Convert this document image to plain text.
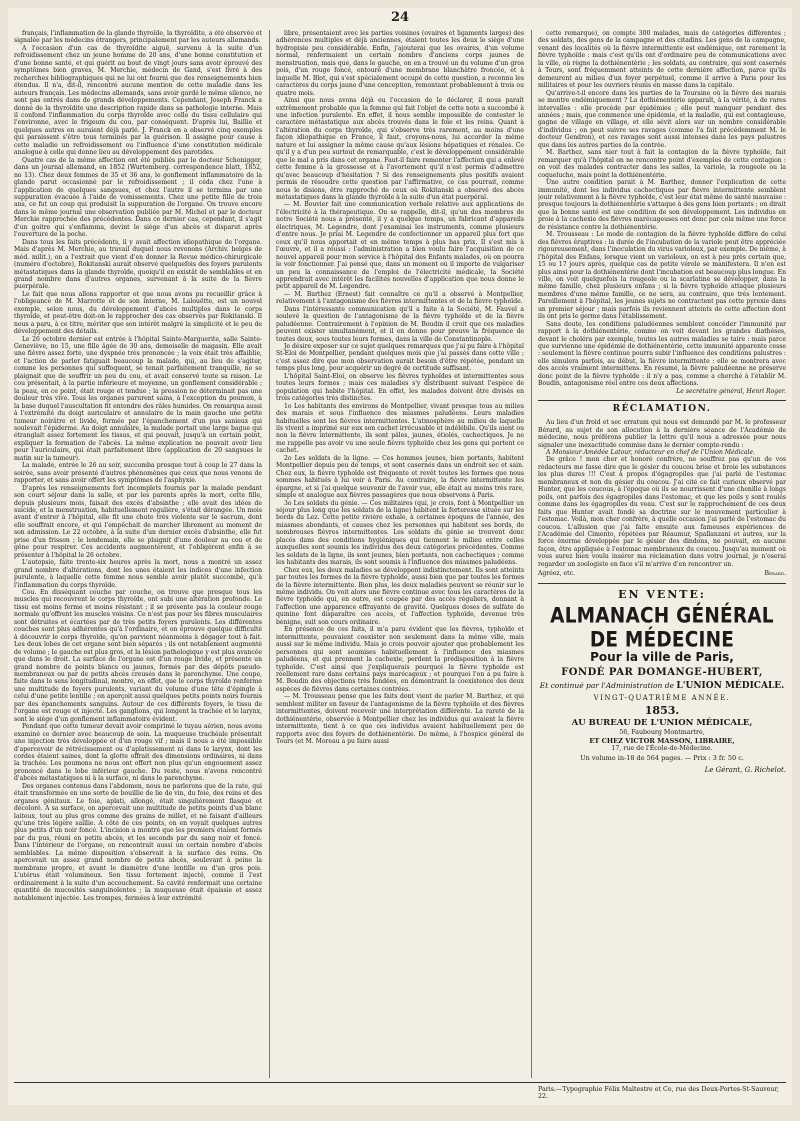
24

français, l'inflammation de la glande thyroïde, la thyroïdite, a été observée et signalée par les médecins étrangers, principalement par les auteurs allemands.

A l'occasion d'un cas de thyroïdite aiguë, survenu à la suite d'un refroidissement chez un jeune homme de 20 ans, d'une bonne constitution et d'une bonne santé, et qui guérit au bout de vingt jours sans avoir éprouvé des symptômes bien graves, M. Merchie, médecin de Gand, s'est livré à des recherches bibliographiques qui ne lui ont fourni que des renseignements bien étendus. Il n'a, dit-il, rencontré aucune mention de cette maladie dans les auteurs français. Les médecins allemands, sans avoir gardé le même silence, ne sont pas entrés dans de grands développements. Cependant, Joseph Franck a donné de la thyroïdite une description rapide dans sa pathologie interne. Mais il confond l'inflammation du corps thyroïde avec celle du tissu cellulaire qui l'environne, avec le frigeum du cou, par conséquent. D'après lui, Baillie et quelques autres en auraient déjà parlé. J. Franck en a observé cinq exemples qui paraissent s'être tous terminés par la guérison. Il assigne pour cause à cette maladie un refroidissement ou l'influence d'une constitution médicale analogue à celle qui donne lieu au développement des parotides.

Quatre cas de la même affection ont été publiés par le docteur Schonigger, dans un journal allemand, en 1852 (Wurtemberg. correspondence blatt, 1852, no 13). Chez deux femmes de 35 et 36 ans, le gonflement inflammatoire de la glande parut occasionné par le refroidissement ; il céda chez l'une à l'application de quelques sangsues, et chez l'autre il se termina par une suppuration évacuée à l'aide de vomissements. Chez une petite fille de trois ans, ce fut un coup qui produisit la suppuration de l'organe. On trouve encore dans le même journal une observation publiée par M. Michel et par le docteur Merchie rapprochée des précédentes. Dans ce dernier cas, cependant, il s'agit d'un goitre qui s'enflamma, devint le siège d'un abcès et disparut après l'ouverture de la poche.

Dans tous les faits précédents, il y avait affection idiopathique de l'organe. Mais d'après M. Merchie, au travail duquel nous revenons (Archiv. belges de méd. milit.), on a l'extrait que vient d'en donner la Revue médico-chirurgicale (numéro d'octobre), Rokitanski aurait observé quelquefois des foyers purulents métastatiques dans la glande thyroïde, quoiqu'il en existât de semblables et en grand nombre dans d'autres organes, survenant à la suite de la fièvre puerpérale.

Le fait que nous allons rapporter et que nous avons pu recueillir grâce à l'obligeance de M. Marrotte et de son interne, M. Lalouëtte, est un nouvel exemple, selon nous, du développement d'abcès multiples dans le corps thyroïde, et peut-être doit-on le rapprocher des cas observés par Rokitanski. Il nous a paru, à ce titre, mériter que son intérêt malgré la simplicité et le peu de développement des détails.

Le 26 octobre dernier est entrée à l'hôpital Sainte-Marguerite, salle Sainte-Geneviève, no 15, une fille âgée de 30 ans, demoiselle de magasin. Elle avait une fièvre assez forte, une dyspnée très prononcée ; la voix était très affaiblie, et l'action de parler fatiguait beaucoup la malade, qui, au lieu de s'agiter, comme les personnes qui suffoquent, se tenait parfaitement tranquille, ne se plaignait que de souffrir un peu du cou, et avait conservé toute sa raison. Le cou présentait, à la partie inférieure et moyenne, un gonflement considérable ; la peau, en ce point, était rouge et tendue ; la pression ne déterminait pas une douleur très vive. Tous les organes parurent sains, à l'exception du poumon, à la base duquel l'auscultation fit entendre des râles humides. On remarqua aussi à l'extrémité du doigt auriculaire et annulaire de la main gauche une petite tumeur noirâtre et livide, formée par l'épanchement d'un pus sanieux qui soulevait l'épiderme. Au doigt annulaire, la malade portait une large bague qui étranglait assez fortement les tissus, et qui pouvait, jusqu'à un certain point, expliquer la formation de l'abcès. La même explication ne pouvait avoir lieu pour l'auriculaire, qui était parfaitement libre (application de 20 sangsues le matin sur la tumeur).

La malade, entrée le 26 au soir, succomba presque tout à coup le 27 dans la soirée, sans avoir présenté d'autres phénomènes que ceux que nous venons de rapporter, et sans avoir offert les symptômes de l'asphyxie.

D'après les renseignements fort incomplets fournis par la malade pendant son court séjour dans la salle, et par les parents après la mort, cette fille, depuis plusieurs mois, faisait des excès d'absinthe ; elle avait des idées de suicide, et la menstruation, habituellement régulière, s'était dérangée. Un mois avant d'entrer à l'hôpital, elle fit une chute très violente sur le sacrum, dont elle souffrait encore, et qui l'empêchait de marcher librement au moment de son admission. Le 22 octobre, à la suite d'un dernier excès d'absinthe, elle fut prise d'un frisson ; le lendemain, elle se plaignit d'une douleur au cou et de gêne pour respirer. Ces accidents augmentèrent, et l'obligèrent enfin à se présenter à l'hôpital le 26 octobre.

L'autopsie, faite trente-six heures après la mort, nous a montré un assez grand nombre d'altérations, dont les unes étaient les indices d'une infection purulente, à laquelle cette femme nous semble avoir plutôt succombé, qu'à l'inflammation du corps thyroïde.

Cou. En disséquant couche par couche, on trouve que presque tous les muscles qui recouvrent le corps thyroïde, ont subi une altération profonde. Le tissu est moins ferme et moins résistant ; il se présente pas la couleur rouge normale qu'offrent les muscles voisins. Ce n'est pas pour les fibres musculaires sont détruites et écartées par de très petits foyers purulents. Les différentes couches sont plus adhérentes qu'à l'ordinaire, et on éprouve quelque difficulté à découvrir le corps thyroïde, qu'on parvient néanmoins à dégager tout à fait. Les deux lobes de cet organe sont bien séparés ; ils ont notablement augmenté de volume ; le gauche est plus gros, et la lésion pathologique y est plus avancée que dans le droit. La surface de l'organe est d'un rouge livide, et présente un grand nombre de points blancs ou jaunes, formés par des dépôts pseudo-membraneux ou par de petits abcès creusés dans le parenchyme. Une coupe, faite dans le sens longitudinal, montre, en effet, que le corps thyroïde renferme une multitude de foyers purulents, variant du volume d'une tête d'épingle à celui d'une petite lentille ; on aperçoit aussi quelques petits points noirs fournis par des épanchements sanguins. Autour de ces différents foyers, le tissu de l'organe est rouge et injecté. Les ganglions, qui longent la trachée et le larynx, sont le siège d'un gonflement inflammatoire évident.

Pendant que cette tumeur devait avoir comprimé le tuyau aérien, nous avons examiné ce dernier avec beaucoup de soin. La muqueuse trachéale présentait une injection très développée et d'un rouge vif ; mais il nous a été impossible d'apercevoir de rétrécissement ou d'aplatissement ni dans le larynx, dont les cordes étaient saines, dont la glotte offrait des dimensions ordinaires, ni dans la trachée. Les poumons ne nous ont offert non plus qu'un engouement assez prononcé dans le lobe inférieur gauche. Du reste, nous n'avons rencontré d'abcès métastatiques ni à la surface, ni dans le parenchyme.

Des organes contenus dans l'abdomen, nous ne parlerons que de la rate, qui était transformée en une sorte de bouillie de lie de vin, du foie, des reins et des organes génitaux. Le foie, aplati, allongé, était singulièrement flasque et décoloré. A sa surface, on apercevait une multitude de petits points d'un blanc laiteux, tout au plus gros comme des grains de millet, et ne faisant d'ailleurs qu'une très légère saillie. A côté de ces points, on en voyait quelques autres plus petits d'un noir foncé. L'incision a montré que les premiers étaient formés par du pus, réuni en petits abcès, et les seconds par du sang noir et foncé. Dans l'intérieur de l'organe, on rencontrait aussi un certain nombre d'abcès semblables. La même disposition s'observait à la surface des reins. On apercevait un assez grand nombre de petits abcès, soulevant à peine la membrane propre, et avant le diamètre d'une lentille ou d'un gros pois. L'utérus était volumineux. Son tissu fortement injecté, comme il l'est ordinairement à la suite d'un accouchement. Sa cavité renfermait une certaine quantité de mucosités sanguinolentes ; la muqueuse était épaissie et assez notablement injectée. Les trompes, fermées à leur extrémité

libre, présentaient avec les parties voisines (ovaires et ligaments larges) des adhérences multiples et déjà anciennes, étaient toutes les deux le siège d'une hydropisie peu considérable. Enfin, j'ajouterai que les ovaires, d'un volume normal, renfermaient un certain nombre d'anciens corps jaunes de menstruation, mais que, dans le gauche, on en a trouvé un du volume d'un gros pois, d'un rouge foncé, entouré d'une membrane blanchâtre froncée, et à laquelle M. Blot, qui s'est spécialement occupé de cette question, a reconnu les caractères du corps jaune d'une conception, remontant probablement à trois ou quatre mois.

Ainsi que nous avons déjà eu l'occasion de le déclarer, il nous paraît extrêmement probable que la femme qui fait l'objet de cette note a succombé à une infection purulente. En effet, il nous semble impossible de contester le caractère métastatique aux abcès trouvés dans le foie et les reins. Quant à l'altération du corps thyroïde, qui s'observe très rarement, au moins d'une façon idiopathique en France, il faut, croyons-nous, lui accorder la même nature et lui assigner la même cause qu'aux lésions hépatiques et rénales. Ce qu'il y a d'un peu surtout de remarquable, c'est le développement considérable que le mal a pris dans cet organe. Faut-il faire remonter l'affection qui a enlevé cette femme à la grossesse et à l'avortement qu'il n'est permis d'admettre qu'avec beaucoup d'hésitation ? Si des renseignements plus positifs avaient permis de résoudre cette question par l'affirmative, ce cas pourrait, comme nous le disions, être rapproché de ceux où Rokitanski a observé des abcès métastatiques dans la glande thyroïde à la suite d'un état puerpéral.

— M. Bouvier fait une communication verbale relative aux applications de l'électricité à la thérapeutique. On se rappelle, dit-il, qu'un des membres de notre Société nous a présenté, il y a quelque temps, un fabricant d'appareils électriques, M. Legendre, dont j'examinai les instruments, comme plusieurs d'entre nous. Je priai M. Legendre de confectionner un appareil plus fort que ceux qu'il nous apportait et en même temps à plus bas prix. Il s'est mis à l'œuvre, et il a réussi : l'administration a bien voulu faire l'acquisition de ce nouvel appareil pour mon service à l'hôpital des Enfants malades, où on pourra le voir fonctionner. J'ai pensé que, dans un moment où il importe de vulgariser un peu la connaissance de l'emploi de l'électricité médicale, la Société apprendrait avec intérêt les facilités nouvelles d'application que nous donne le petit appareil de M. Legendre.

— M. Barthez (Ernest) fait connaître ce qu'il a observé à Montpellier, relativement à l'antagonisme des fièvres intermittentes et de la fièvre typhoïde.

Dans l'intéressante communication qu'il a faite à la Société, M. Fauvel a soulevé la question de l'antagonisme de la fièvre typhoïde et de la fièvre paludéenne. Contrairement à l'opinion de M. Boudin il croit que ces maladies peuvent exister simultanément, et il en donne pour preuve la fréquence de toutes deux, sous toutes leurs formes, dans la ville de Constantinople.

Je désire exposer sur ce sujet quelques remarques que j'ai pu faire à l'hôpital St-Eloi de Montpellier, pendant quelques mois que j'ai passés dans cette ville ; c'est assez dire que mon observation aurait besoin d'être répétée, pendant un temps plus long, pour acquérir un degré de certitude suffisant.

L'hôpital Saint-Eloi, on observe les fièvres typhoïdes et intermittentes sous toutes leurs formes ; mais ces maladies s'y distribuent suivant l'espèce de population qui habite l'hôpital. En effet, les malades doivent être divisés en trois catégories très distinctes.

1o Les habitants des environs de Montpellier, vivant presque tous au milieu des marais et sous l'influence des miasmes paludéens. Leurs maladies habituelles sont les fièvres intermittentes. L'atmosphère au milieu de laquelle ils vivent a imprimé sur eux son cachet irrécusable et indélébile. Qu'ils aient ou non la fièvre intermittente, ils sont pâles, jaunes, étiolés, cachectiques. Je ne me rappelle pas avoir vu une seule fièvre typhoïde chez les gens qui portent ce cachet.

2o Les soldats de la ligne. — Ces hommes jeunes, bien portants, habitent Montpellier depuis peu de temps, et sont casernés dans un endroit sec et sain. Chez eux, la fièvre typhoïde est fréquente et revêt toutes les formes que nous sommes habitués à lui voir à Paris. Au contraire, la fièvre intermittente les épargne, et si j'ai quelque souvenir de l'avoir vue, elle était au moins très rare, simple et analogue aux fièvres passagères que nous observons à Paris.

3o Les soldats du génie. — Ces militaires (qui, je crois, font à Montpellier un séjour plus long que les soldats de la ligne) habitent la forteresse située sur les bords du Lez. Cette petite rivière exhale, à certaines époques de l'année, des miasmes abondants, et causes chez les personnes qui habitent ses bords, de nombreuses fièvres intermittentes. Les soldats du génie se trouvent donc placés dans des conditions hygiéniques qui tiennent le milieu entre celles auxquelles sont soumis les individus des deux catégories précédentes. Comme les soldats de la ligne, ils sont jeunes, bien portants, non cachectiques ; comme les habitants des marais, ils sont soumis à l'influence des miasmes paludéens.

Chez eux, les deux maladies se développent indistinctement. Ils sont atteints par toutes les formes de la fièvre typhoïde, aussi bien que par toutes les formes de la fièvre intermittente. Bien plus, les deux maladies peuvent se réunir sur le même individu. On voit alors une fièvre continue avec tous les caractères de la fièvre typhoïde qui, en outre, est coupée par des accès réguliers, donnant à l'affection une apparence effrayante de gravité. Quelques doses de sulfate de quinine font disparaître ces accès, et l'affection typhoïde, devenue très bénigne, suit son cours ordinaire.

En présence de ces faits, il m'a paru évident que les fièvres, typhoïde et intermittente, pouvaient coexister non seulement dans la même ville, mais aussi sur le même individu. Mais je crois pouvoir ajouter que probablement les personnes qui sont soumises habituellement à l'influence des miasmes paludéens, et qui prennent la cachexie, perdent la prédisposition à la fièvre typhoïde. C'est ainsi que j'expliquerais pourquoi la fièvre typhoïde est réellement rare dans certains pays marécageux ; et pourquoi l'on a pu faire à M. Boudin des objections très fondées, en démontrant la coexistence des deux espèces de fièvres dans certaines contrées.

— M. Trousseau pense que les faits dont vient de parler M. Barthez, et qui semblent militer en faveur de l'antagonisme de la fièvre typhoïde et des fièvres intermittentes, doivent recevoir une interprétation différente. La rareté de la dothiénentérie, observée à Montpellier chez les individus qui avaient la fièvre intermittente, tient à ce que ces individus avaient habituellement peu de rapports avec des foyers de dothiénentérie. De même, à l'hospice général de Tours (et M. Moreau a pu faire aussi

cette remarque), on compte 300 malades, mais de catégories différentes ; des soldats, des gens de la campagne et des citadins. Les gens de la campagne, venant des localités où la fièvre intermittente est endémique, ont rarement la fièvre typhoïde : mais c'est qu'ils ont d'ordinaire peu de communications avec la ville, où règne la dothiénentérie ; les soldats, au contraire, qui sont casernés à Tours, sont fréquemment atteints de cette dernière affection, parce qu'ils demeurent au milieu d'un foyer perpétuel, comme il arrive à Paris pour les militaires et pour les ouvriers réunis en masse dans la capitale.

Qu'arrive-t-il encore dans les parties de la Touraine où la fièvre des marais se montre endémiquement ? La dothiénentérie apparaît, à la vérité, à de rares intervalles : elle procède par épidémies ; elle peut manquer pendant des années ; mais, que commence une épidémie, et la maladie, qui est contagieuse, gagne de village en village, et elle sévit alors sur un nombre considérable d'individus ; on peut suivre ses ravages (comme l'a fait précédemment M. le docteur Gendron), et ces ravages sont aussi intenses dans les pays palustres que dans les autres parties de la contrée.

M. Barthez, sans nier tout à fait la contagion de la fièvre typhoïde, fait remarquer qu'à l'hôpital on ne rencontre point d'exemples de cette contagion : on voit des malades contracter dans les salles, la variole, la rougeole ou la coqueluche, mais point la dothiénentérie.

Une autre condition parait à M. Barthez, donner l'explication de cette immunité, dont les individus cachectiques par fièvre intermittente semblent jouir relativement à la fièvre typhoïde, c'est leur état même de santé mauvaise : presque toujours la dothiénentérie s'attaque à des gens bien portants ; on dirait que la bonne santé est une condition de son développement. Les individus en proie à la cachexie des fièvres marécageuses ont donc par cela même une force de résistance contre la dothiénentérie.

M. Trousseau : Le mode de contagion de la fièvre typhoïde diffère de celui des fièvres éruptives : la durée de l'incubation de la variole peut être appréciée rigoureusement, dans l'inoculation du virus varioleux, par exemple. De même, à l'hôpital des Enfans, lorsque vient un varioleux, on est à peu près certain que, 15 ou 17 jours après, quelque cas de petite vérole se manifestera. Il n'en est plus ainsi pour la dothiénentérie dont l'incubation est beaucoup plus longue. En ville, on voit quelquefois la rougeole ou la scarlatine se développer, dans la même famille, chez plusieurs enfans ; si la fièvre typhoïde attaque plusieurs membres d'une même famille, ce ne sera, au contraire, que très lentement. Pareillement à l'hôpital, les jeunes sujets ne contractent pas cette pyrexie dans un premier séjour ; mais parfois ils reviennent atteints de cette affection dont ils ont pris le germe dans l'établissement.

Sans doute, les conditions paludéennes semblent concéder l'immunité par rapport à la dothiénentérie, comme on voit devant les grandes diathèses, devant le choléra par exemple, toutes les autres maladies se taire : mais parce que survienne une épidémie de dothiénentérie, cette immunité apparente cesse : seulement la fièvre continue pourra subir l'influence des conditions palustres : elle simulera parfois, au début, la fièvre intermittente : elle se montrera avec des accès vraiment intermittens. En résumé, la fièvre paludéenne ne préserve donc point de la fièvre typhoïde : il n'y a pas, comme a cherché à l'établir M. Boudin, antagonisme réel entre ces deux affections.

Le secrétaire général, Henri Roger.

RÉCLAMATION.

Au lieu d'un froid et sec erratum qui nous est demandé par M. le professeur Bérard, au sujet de son allocution à la dernière séance de l'Académie de médecine, nous préférons publier la lettre qu'il nous a adressée pour nous signaler une inexactitude commise dans le dernier compte-rendu :

A Monsieur Amédée Latour, rédacteur en chef de l'Union Médicale.

De grâce ! mon cher et honoré confrère, ne souffrez pas qu'un de vos rédacteurs me fasse dire que le gésier du coucou brise et broie les substances les plus dures !!! C'est à propos d'égagropiles que j'ai parlé de l'estomac membraneux et non du gésier du coucou. J'ai cité ce fait curieux observé par Hunter, que les coucous, à l'époque où ils se nourrissent d'une chenille à longs poils, ont parfois des égagropiles dans l'estomac, et que les poils y sont roulés comme dans les égagropiles du veau. C'est sur le rapprochement de ces deux faits que Hunter avait fondé sa doctrine sur le mouvement particulier à l'estomac. Voilà, mon cher confrère, à quelle occasion j'ai parlé de l'estomac du coucou. L'allusion que j'ai faite ensuite aux fameuses expériences de l'Académie del Cimento, répétées par Réaumur, Spallanzani et autres, sur la force énorme développée par le gésier des dindons, ne pouvait, en aucune façon, être appliquée à l'estomac membraneux du coucou. Jusqu'au moment où vous aurez bien voulu insérer ma réclamation dans votre journal, je n'oserai regarder un zoologiste en face s'il m'arrive d'en rencontrer un.

Agréez, etc.	Bérard.
EN VENTE:
ALMANACH GÉNÉRAL DE MÉDECINE
Pour la ville de Paris,
FONDÉ PAR DOMANGE-HUBERT,
Et continué par l'Administration de L'UNION MÉDICALE.
VINGT-QUATRIÈME ANNÉE.
1853.
AU BUREAU DE L'UNION MÉDICALE,
56, Faubourg Montmartre,
ET CHEZ VICTOR MASSON, LIBRAIRE,
17, rue de l'École-de-Médecine.
Un volume in-18 de 564 pages. — Prix : 3 fr. 50 c.
Le Gérant, G. Richelot.
Paris.—Typographie Félix Maltestre et Ce, rue des Deux-Portes-St-Sauveur, 22.
